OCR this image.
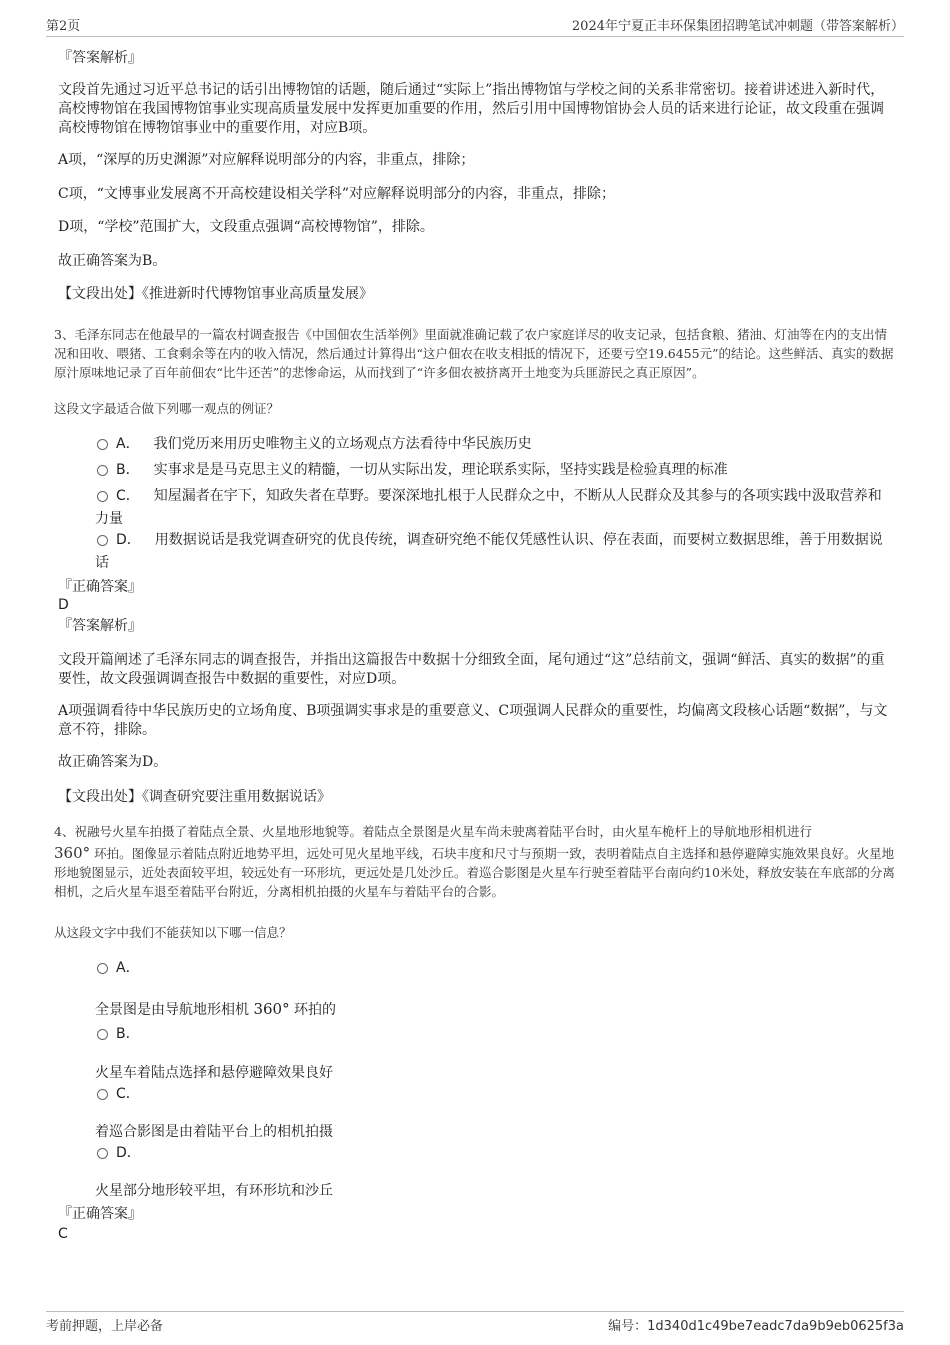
第2页	2024年宁夏正丰环保集团招聘笔试冲刺题（带答案解析）
『答案解析』
文段首先通过习近平总书记的话引出博物馆的话题，随后通过“实际上”指出博物馆与学校之间的关系非常密切。接着讲述进入新时代，高校博物馆在我国博物馆事业实现高质量发展中发挥更加重要的作用，然后引用中国博物馆协会人员的话来进行论证，故文段重在强调高校博物馆在博物馆事业中的重要作用，对应B项。
A项，“深厚的历史渊源”对应解释说明部分的内容，非重点，排除；
C项，“文博事业发展离不开高校建设相关学科”对应解释说明部分的内容，非重点，排除；
D项，“学校”范围扩大，文段重点强调“高校博物馆”，排除。
故正确答案为B。
【文段出处】《推进新时代博物馆事业高质量发展》
3、毛泽东同志在他最早的一篇农村调查报告《中国佃农生活举例》里面就准确记载了农户家庭详尽的收支记录，包括食粮、猪油、灯油等在内的支出情况和田收、喂猪、工食剩余等在内的收入情况，然后通过计算得出“这户佃农在收支相抵的情况下，还要亏空19.6455元”的结论。这些鲜活、真实的数据原汁原味地记录了百年前佃农“比牛还苦”的悲惨命运，从而找到了“许多佃农被挤离开土地变为兵匪游民之真正原因”。
这段文字最适合做下列哪一观点的例证？
A． 我们党历来用历史唯物主义的立场观点方法看待中华民族历史
B． 实事求是是马克思主义的精髓，一切从实际出发，理论联系实际，坚持实践是检验真理的标准
C． 知屋漏者在宇下，知政失者在草野。要深深地扎根于人民群众之中，不断从人民群众及其参与的各项实践中汲取营养和力量
D． 用数据说话是我党调查研究的优良传统，调查研究绝不能仅凭感性认识、停在表面，而要树立数据思维，善于用数据说话
『正确答案』
D
『答案解析』
文段开篇阐述了毛泽东同志的调查报告，并指出这篇报告中数据十分细致全面，尾句通过“这”总结前文，强调“鲜活、真实的数据”的重要性，故文段强调调查报告中数据的重要性，对应D项。
A项强调看待中华民族历史的立场角度、B项强调实事求是的重要意义、C项强调人民群众的重要性，均偏离文段核心话题“数据”，与文意不符，排除。
故正确答案为D。
【文段出处】《调查研究要注重用数据说话》
4、祝融号火星车拍摄了着陆点全景、火星地形地貌等。着陆点全景图是火星车尚未驶离着陆平台时，由火星车桅杆上的导航地形相机进行
360° 环拍。图像显示着陆点附近地势平坦，远处可见火星地平线，石块丰度和尺寸与预期一致，表明着陆点自主选择和悬停避障实施效果良好。火星地形地貌图显示，近处表面较平坦，较远处有一环形坑，更远处是几处沙丘。着巡合影图是火星车行驶至着陆平台南向约10米处，释放安装在车底部的分离相机，之后火星车退至着陆平台附近，分离相机拍摄的火星车与着陆平台的合影。
从这段文字中我们不能获知以下哪一信息？
A．
全景图是由导航地形相机 360° 环拍的
B．
火星车着陆点选择和悬停避障效果良好
C．
着巡合影图是由着陆平台上的相机拍摄
D．
火星部分地形较平坦，有环形坑和沙丘
『正确答案』
C
考前押题，上岸必备	编号：1d340d1c49be7eadc7da9b9eb0625f3a
